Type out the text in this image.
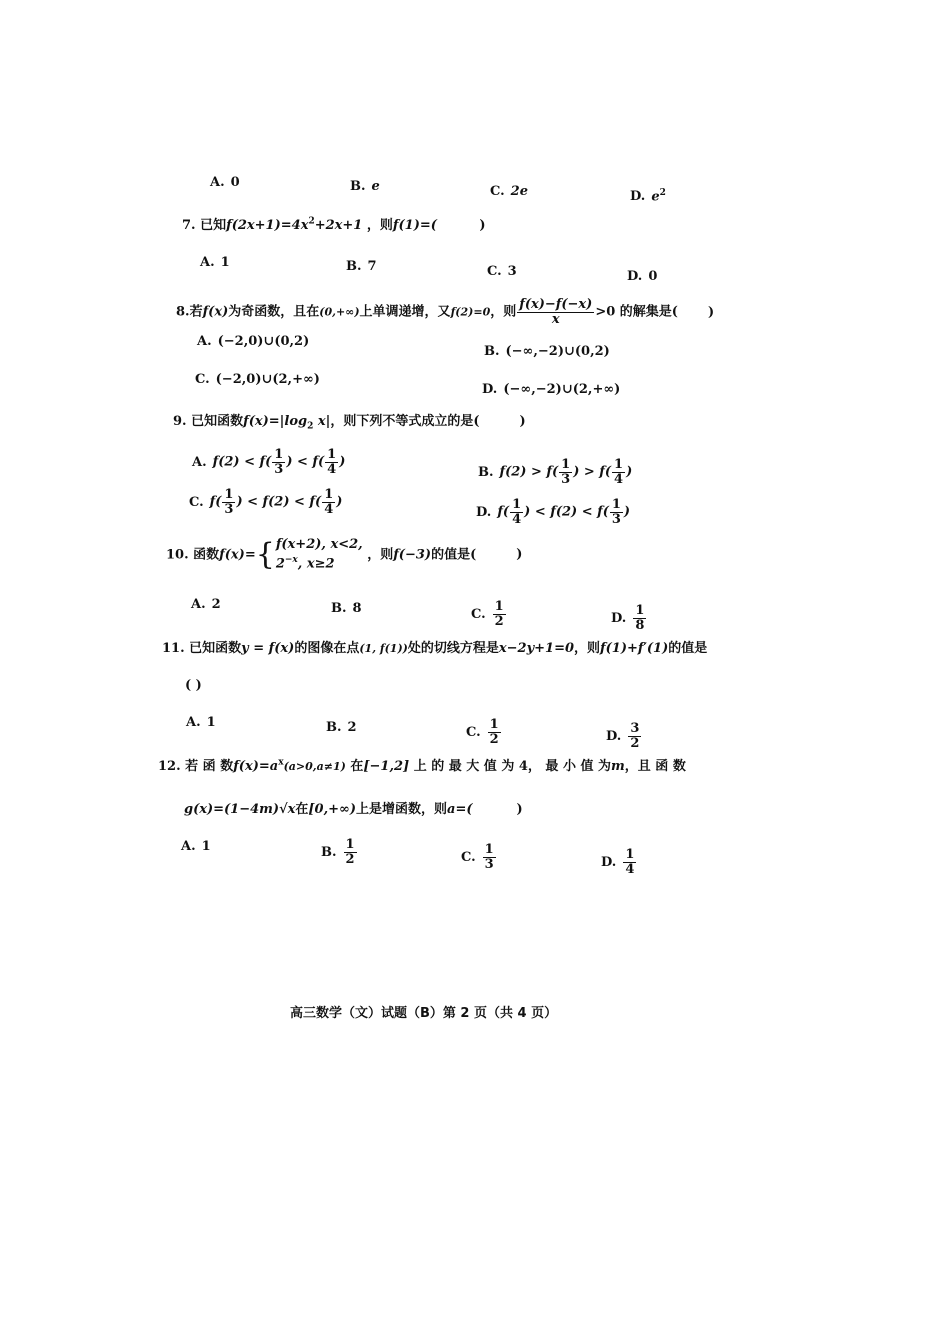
A. 0	B. e	C. 2e	D. $e^2$
7. 已知$f(2x+1)=4x^2+2x+1$ ，则f(1)=(	)
A. 1	B. 7	C. 3	D. 0
8.若f(x)为奇函数，且在(0,+∞)上单调递增，又f(2)=0，则 $\frac{f(x)-f(-x)}{x} >0$ 的解集是( )
A. (−2,0)∪(0,2)
B. (−∞,−2)∪(0,2)
C. (−2,0)∪(2,+∞)
D. (−∞,−2)∪(2,+∞)
9. 已知函数$f(x)=|\log_2$ x|，则下列不等式成立的是(	)
A. $f(2) < f( \frac{1}{3}$ ) < $f( \frac{1}{4}$ )
B. $f(2) > f( \frac{1}{3}$ ) > $f( \frac{1}{4}$ )
C. $f( \frac{1}{3}$ ) < $f(2) < f( \frac{1}{4}$ )
D. $f( \frac{1}{4}$ ) < $f(2) < f( \frac{1}{3}$ )
10. 函数f(x)={ f(x+2), x<2,
$2^{-x}$, x≥2
，则f(−3)的值是(	)
A. 2	B. 8	C. $\frac{1}{2}$	D. $\frac{1}{8}$
11. 已知函数y = f(x)的图像在点(1, f(1))处的切线方程是x−2y+1=0，则f(1)+f′(1)的值是
( )
A. 1	B. 2	C. $\frac{1}{2}$	D. $\frac{3}{2}$
12. 若 函 数$f(x)=a^x(a>0,a\ne 1)$ 在[−1,2] 上 的 最 大 值 为 4， 最 小 值 为m，且 函 数
g(x)=(1−4m)√x在[0,+∞)上是增函数，则a=(	)
A. 1	B. $\frac{1}{2}$	C. $\frac{1}{3}$	D. $\frac{1}{4}$
高三数学（文）试题（B）第 2 页（共 4 页）
